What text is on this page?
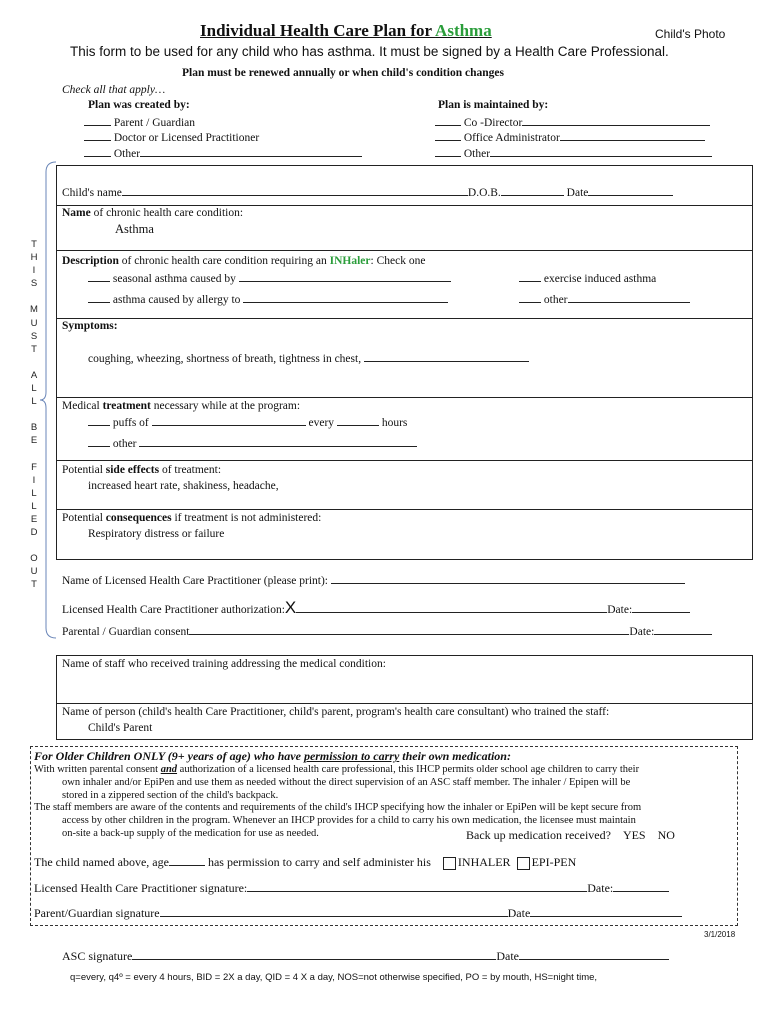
Individual Health Care Plan for Asthma	Child's Photo
This form to be used for any child who has asthma. It must be signed by a Health Care Professional.
Plan must be renewed annually or when child's condition changes
Check all that apply…
Plan was created by:
Parent / Guardian
Doctor or Licensed Practitioner
Other
Plan is maintained by:
Co -Director
Office Administrator
Other
T
H
I
S

M
U
S
T

A
L
L

B
E

F
I
L
L
E
D

O
U
T
Child's name	D.O.B.	Date
Name of chronic health care condition:
Asthma
Description of chronic health care condition requiring an INHaler: Check one
seasonal asthma caused by	exercise induced asthma
asthma caused by allergy to	other
Symptoms:
coughing, wheezing, shortness of breath, tightness in chest,
Medical treatment necessary while at the program:
puffs of	every	hours
other
Potential side effects of treatment:
increased heart rate, shakiness, headache,
Potential consequences if treatment is not administered:
Respiratory distress or failure
Name of Licensed Health Care Practitioner (please print):
Licensed Health Care Practitioner authorization:X	Date:
Parental / Guardian consent	Date:
Name of staff who received training addressing the medical condition:
Name of person (child's health Care Practitioner, child's parent, program's health care consultant) who trained the staff:
Child's Parent
For Older Children ONLY (9+ years of age) who have permission to carry their own medication:
With written parental consent and authorization of a licensed health care professional, this IHCP permits older school age children to carry their
own inhaler and/or EpiPen and use them as needed without the direct supervision of an ASC staff member. The inhaler / Epipen will be
stored in a zippered section of the child's backpack.
The staff members are aware of the contents and requirements of the child's IHCP specifying how the inhaler or EpiPen will be kept secure from
access by other children in the program. Whenever an IHCP provides for a child to carry his own medication, the licensee must maintain
on-site a back-up supply of the medication for use as needed.	Back up medication received? YES NO
The child named above, age	has permission to carry and self administer his INHALER EPI-PEN
Licensed Health Care Practitioner signature:	Date:
Parent/Guardian signature	Date
3/1/2018
ASC signature	Date
q=every, q4º = every 4 hours, BID = 2X a day, QID = 4 X a day, NOS=not otherwise specified, PO = by mouth, HS=night time,
